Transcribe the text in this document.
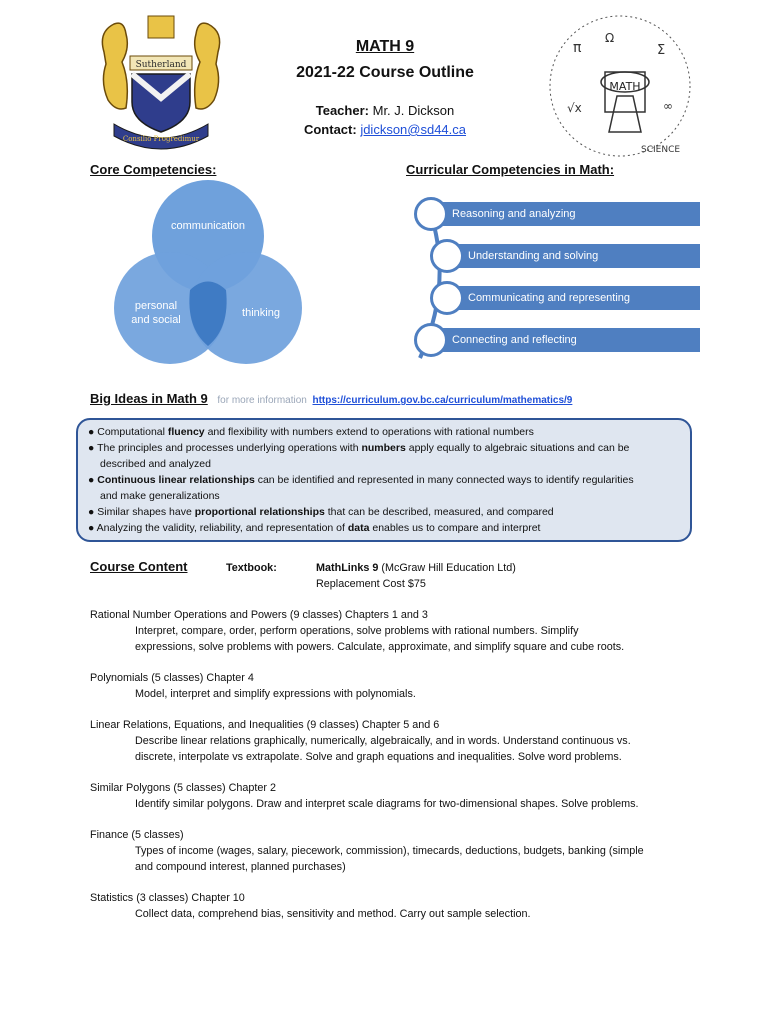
Sutherland
Consilio Progredimur
MATH 9
2021-22 Course Outline
Teacher: Mr. J. Dickson
Contact: jdickson@sd44.ca
MATH
π	Σ
√x	∞
Ω
SCIENCE
Core Competencies:	Curricular Competencies in Math:
communication
personal
and social
thinking
Reasoning and analyzing
Understanding and solving
Communicating and representing
Connecting and reflecting
Big Ideas in Math 9 for more information https://curriculum.gov.bc.ca/curriculum/mathematics/9
● Computational fluency and flexibility with numbers extend to operations with rational numbers
● The principles and processes underlying operations with numbers apply equally to algebraic situations and can be
described and analyzed
● Continuous linear relationships can be identified and represented in many connected ways to identify regularities
and make generalizations
● Similar shapes have proportional relationships that can be described, measured, and compared
● Analyzing the validity, reliability, and representation of data enables us to compare and interpret
Course Content	Textbook:	MathLinks 9 (McGraw Hill Education Ltd)
Replacement Cost $75
Rational Number Operations and Powers (9 classes) Chapters 1 and 3
Interpret, compare, order, perform operations, solve problems with rational numbers. Simplify
expressions, solve problems with powers. Calculate, approximate, and simplify square and cube roots.
Polynomials (5 classes) Chapter 4
Model, interpret and simplify expressions with polynomials.
Linear Relations, Equations, and Inequalities (9 classes) Chapter 5 and 6
Describe linear relations graphically, numerically, algebraically, and in words. Understand continuous vs.
discrete, interpolate vs extrapolate. Solve and graph equations and inequalities. Solve word problems.
Similar Polygons (5 classes) Chapter 2
Identify similar polygons. Draw and interpret scale diagrams for two-dimensional shapes. Solve problems.
Finance (5 classes)
Types of income (wages, salary, piecework, commission), timecards, deductions, budgets, banking (simple
and compound interest, planned purchases)
Statistics (3 classes) Chapter 10
Collect data, comprehend bias, sensitivity and method. Carry out sample selection.
